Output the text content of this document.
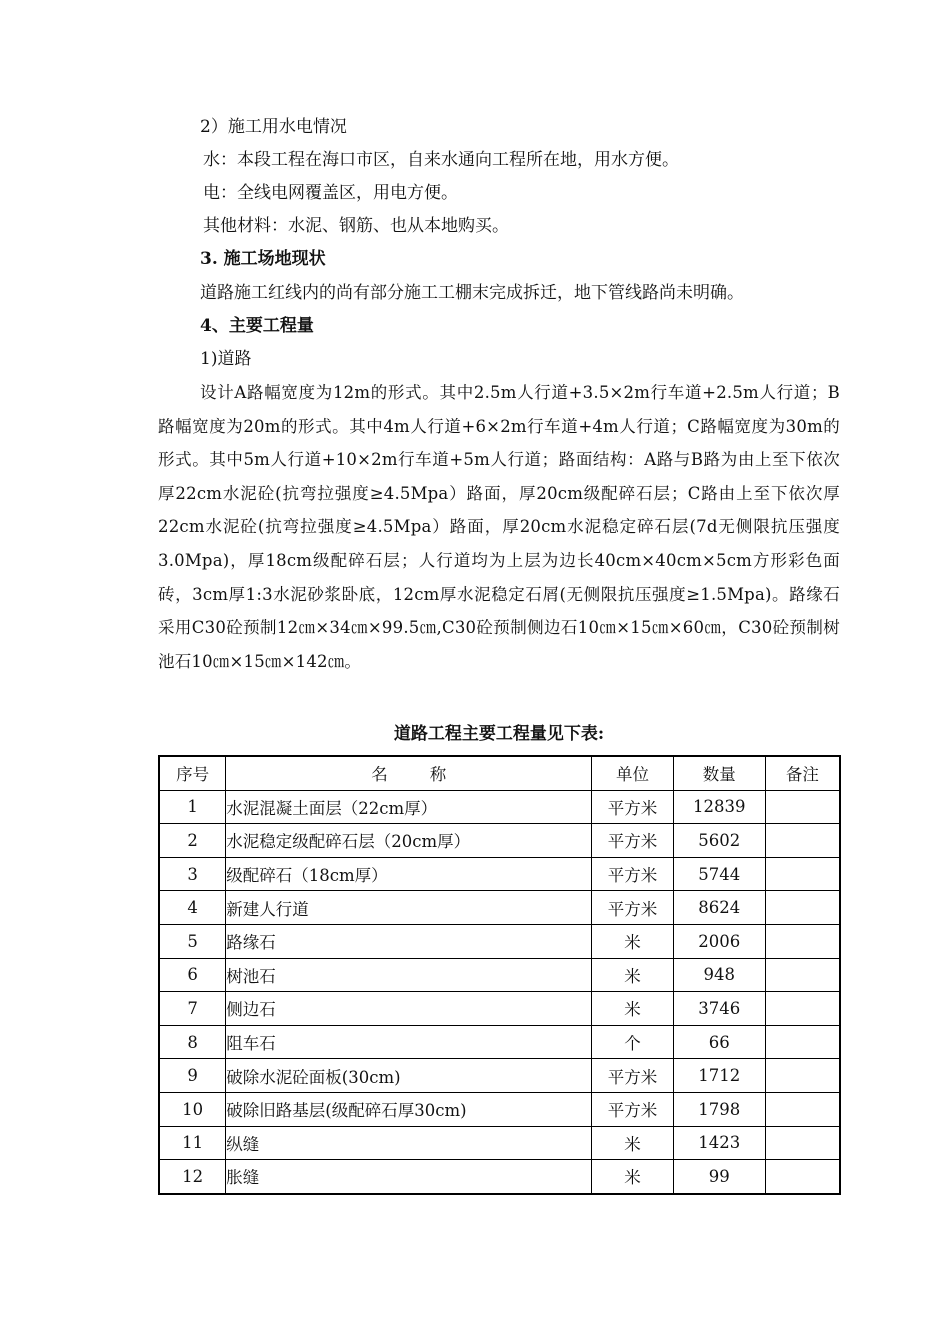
2）施工用水电情况
水：本段工程在海口市区，自来水通向工程所在地，用水方便。
电：全线电网覆盖区，用电方便。
其他材料：水泥、钢筋、也从本地购买。
3. 施工场地现状
道路施工红线内的尚有部分施工工棚末完成拆迁，地下管线路尚未明确。
4、主要工程量
1)道路
设计A路幅宽度为12m的形式。其中2.5m人行道+3.5×2m行车道+2.5m人行道；B路幅宽度为20m的形式。其中4m人行道+6×2m行车道+4m人行道；C路幅宽度为30m的形式。其中5m人行道+10×2m行车道+5m人行道；路面结构：A路与B路为由上至下依次厚22cm水泥砼(抗弯拉强度≥4.5Mpa）路面，厚20cm级配碎石层；C路由上至下依次厚22cm水泥砼(抗弯拉强度≥4.5Mpa）路面，厚20cm水泥稳定碎石层(7d无侧限抗压强度3.0Mpa)，厚18cm级配碎石层；人行道均为上层为边长40cm×40cm×5cm方形彩色面砖，3cm厚1:3水泥砂浆卧底，12cm厚水泥稳定石屑(无侧限抗压强度≥1.5Mpa)。路缘石采用C30砼预制12㎝×34㎝×99.5㎝,C30砼预制侧边石10㎝×15㎝×60㎝，C30砼预制树池石10㎝×15㎝×142㎝。
道路工程主要工程量见下表:
序号	名称	单位	数量	备注
1	水泥混凝土面层（22cm厚）	平方米	12839	
2	水泥稳定级配碎石层（20cm厚）	平方米	5602	
3	级配碎石（18cm厚）	平方米	5744	
4	新建人行道	平方米	8624	
5	路缘石	米	2006	
6	树池石	米	948	
7	侧边石	米	3746	
8	阻车石	个	66	
9	破除水泥砼面板(30cm)	平方米	1712	
10	破除旧路基层(级配碎石厚30cm)	平方米	1798	
11	纵缝	米	1423	
12	胀缝	米	99	
